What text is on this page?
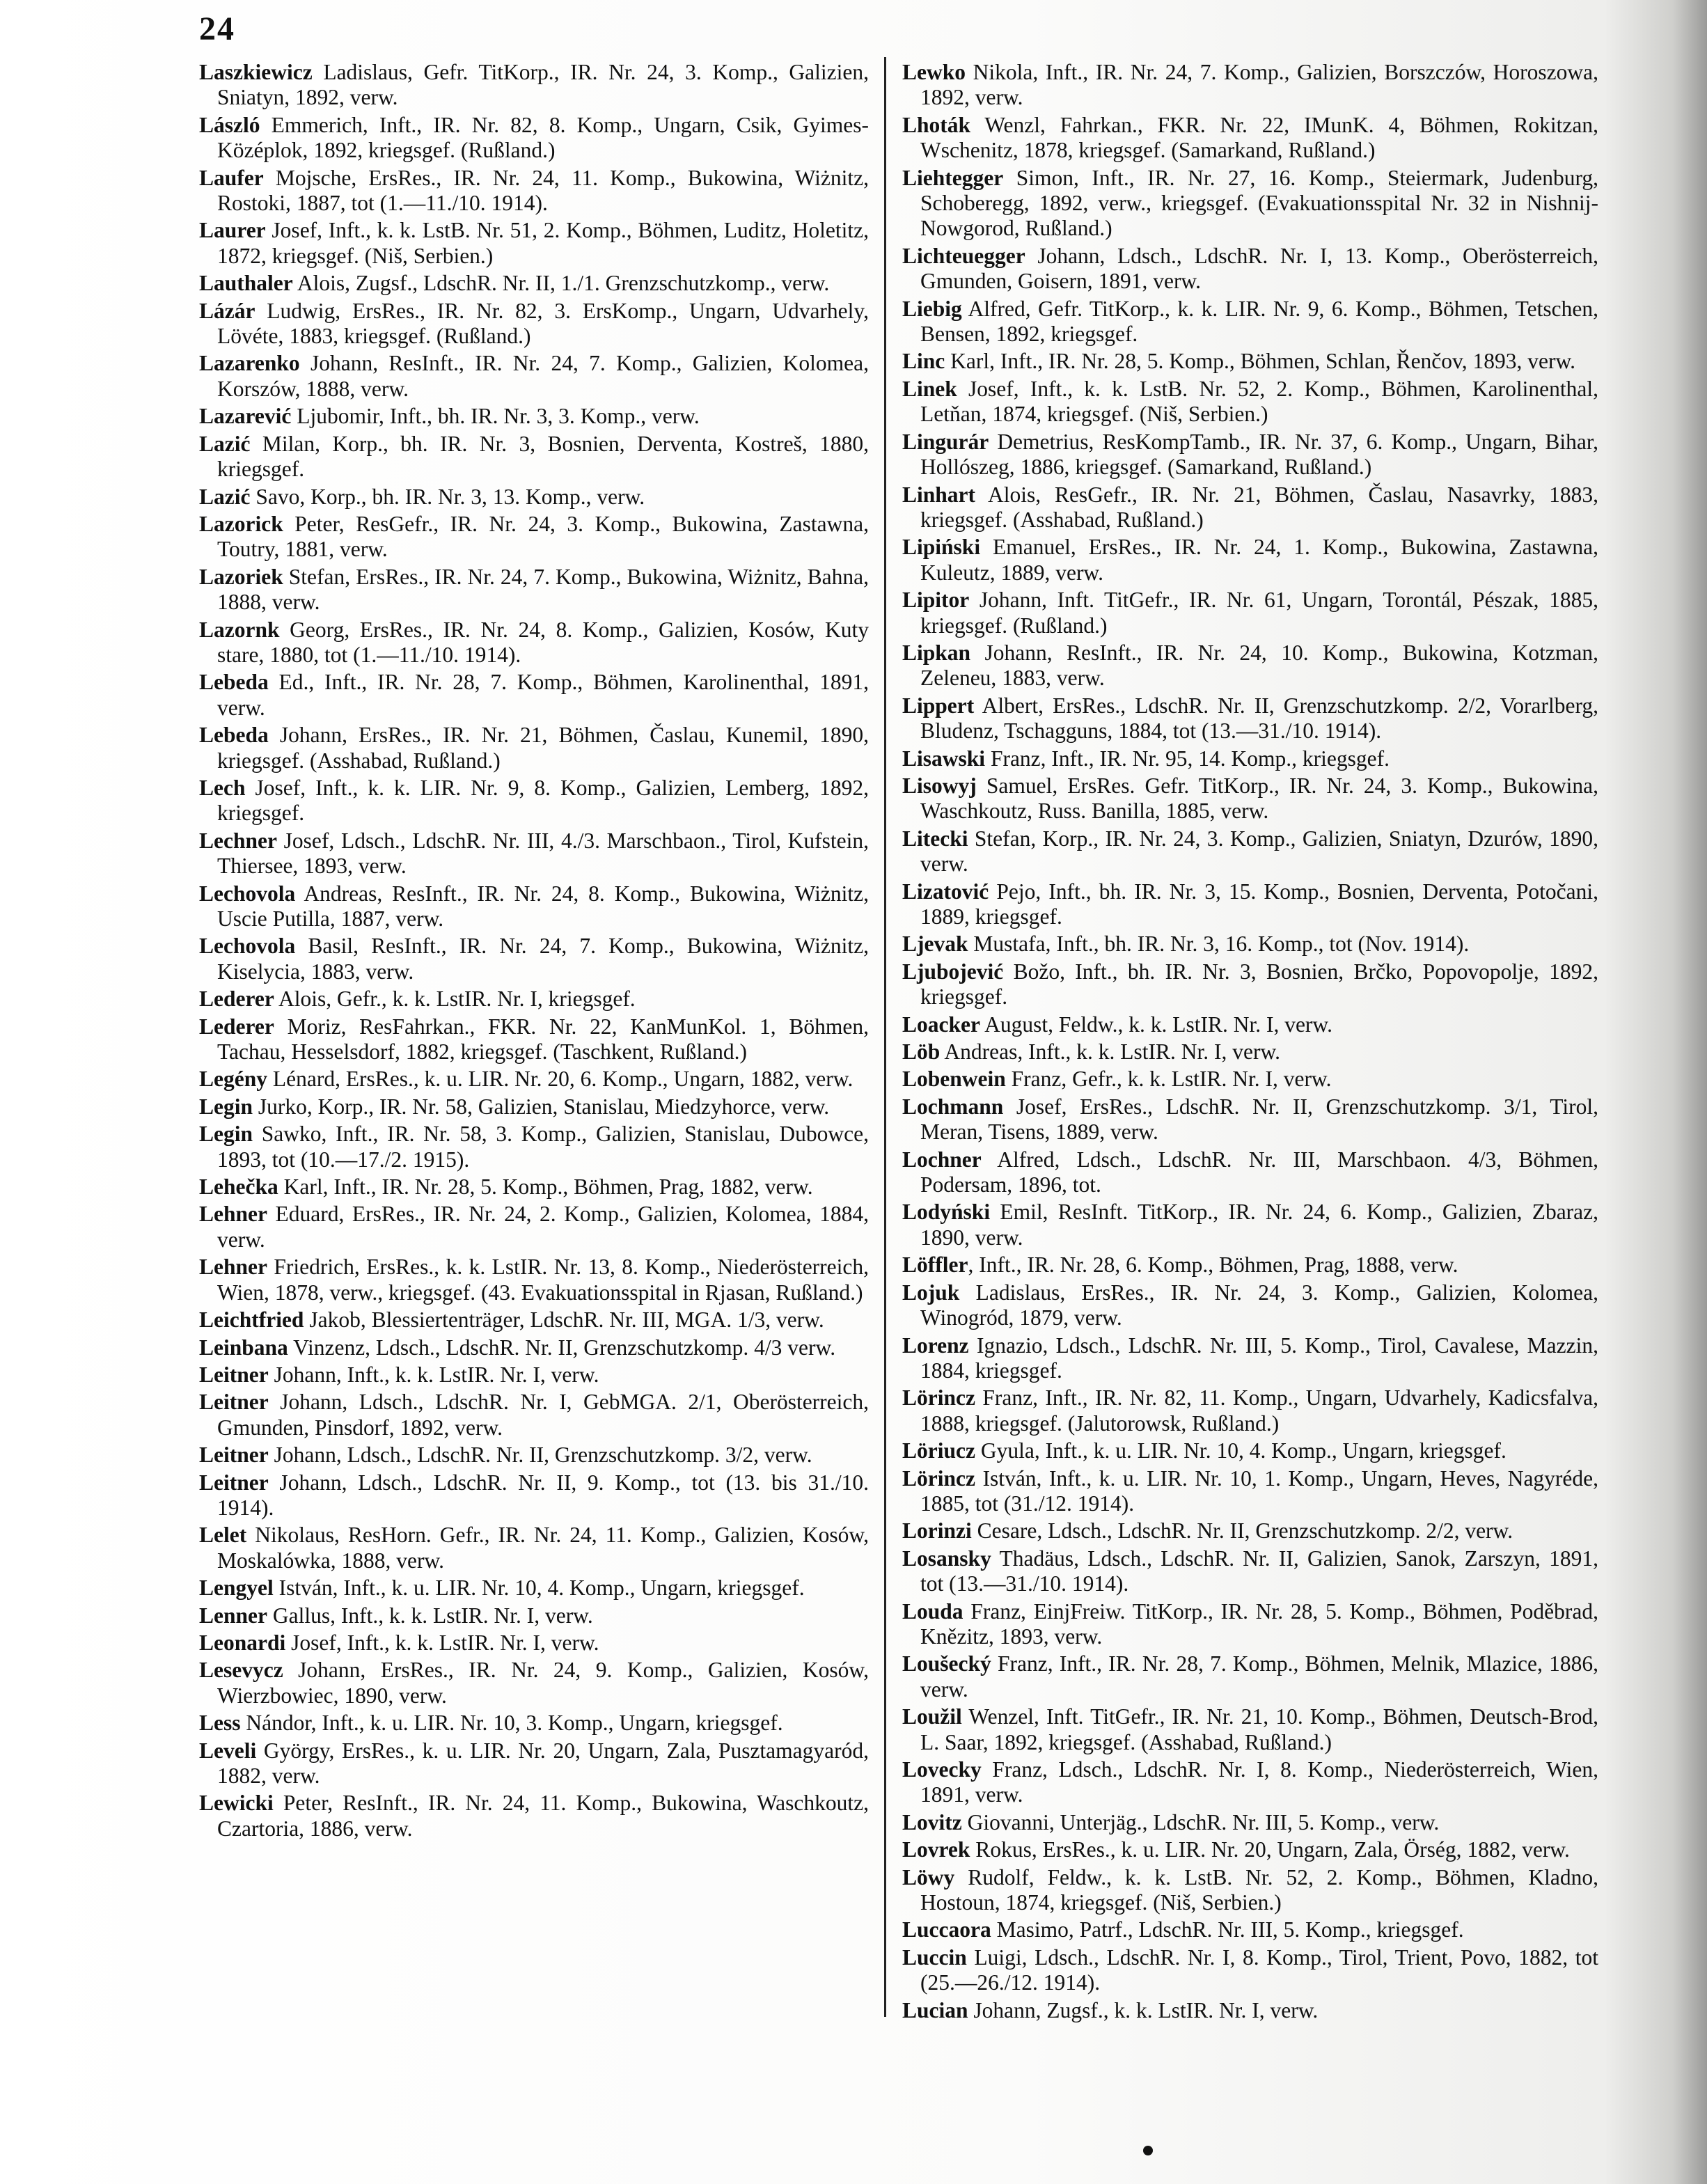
24

Laszkiewicz Ladislaus, Gefr. TitKorp., IR. Nr. 24, 3. Komp., Galizien, Sniatyn, 1892, verw.

László Emmerich, Inft., IR. Nr. 82, 8. Komp., Ungarn, Csik, Gyimes-Középlok, 1892, kriegsgef. (Rußland.)

Laufer Mojsche, ErsRes., IR. Nr. 24, 11. Komp., Bukowina, Wiżnitz, Rostoki, 1887, tot (1.—11./10. 1914).

Laurer Josef, Inft., k. k. LstB. Nr. 51, 2. Komp., Böhmen, Luditz, Holetitz, 1872, kriegsgef. (Niš, Serbien.)

Lauthaler Alois, Zugsf., LdschR. Nr. II, 1./1. Grenzschutzkomp., verw.

Lázár Ludwig, ErsRes., IR. Nr. 82, 3. ErsKomp., Ungarn, Udvarhely, Lövéte, 1883, kriegsgef. (Rußland.)

Lazarenko Johann, ResInft., IR. Nr. 24, 7. Komp., Galizien, Kolomea, Korszów, 1888, verw.

Lazarević Ljubomir, Inft., bh. IR. Nr. 3, 3. Komp., verw.

Lazić Milan, Korp., bh. IR. Nr. 3, Bosnien, Derventa, Kostreš, 1880, kriegsgef.

Lazić Savo, Korp., bh. IR. Nr. 3, 13. Komp., verw.

Lazorick Peter, ResGefr., IR. Nr. 24, 3. Komp., Bukowina, Zastawna, Toutry, 1881, verw.

Lazoriek Stefan, ErsRes., IR. Nr. 24, 7. Komp., Bukowina, Wiżnitz, Bahna, 1888, verw.

Lazornk Georg, ErsRes., IR. Nr. 24, 8. Komp., Galizien, Kosów, Kuty stare, 1880, tot (1.—11./10. 1914).

Lebeda Ed., Inft., IR. Nr. 28, 7. Komp., Böhmen, Karolinenthal, 1891, verw.

Lebeda Johann, ErsRes., IR. Nr. 21, Böhmen, Časlau, Kunemil, 1890, kriegsgef. (Asshabad, Rußland.)

Lech Josef, Inft., k. k. LIR. Nr. 9, 8. Komp., Galizien, Lemberg, 1892, kriegsgef.

Lechner Josef, Ldsch., LdschR. Nr. III, 4./3. Marschbaon., Tirol, Kufstein, Thiersee, 1893, verw.

Lechovola Andreas, ResInft., IR. Nr. 24, 8. Komp., Bukowina, Wiżnitz, Uscie Putilla, 1887, verw.

Lechovola Basil, ResInft., IR. Nr. 24, 7. Komp., Bukowina, Wiżnitz, Kiselycia, 1883, verw.

Lederer Alois, Gefr., k. k. LstIR. Nr. I, kriegsgef.

Lederer Moriz, ResFahrkan., FKR. Nr. 22, KanMunKol. 1, Böhmen, Tachau, Hesselsdorf, 1882, kriegsgef. (Taschkent, Rußland.)

Legény Lénard, ErsRes., k. u. LIR. Nr. 20, 6. Komp., Ungarn, 1882, verw.

Legin Jurko, Korp., IR. Nr. 58, Galizien, Stanislau, Miedzyhorce, verw.

Legin Sawko, Inft., IR. Nr. 58, 3. Komp., Galizien, Stanislau, Dubowce, 1893, tot (10.—17./2. 1915).

Lehečka Karl, Inft., IR. Nr. 28, 5. Komp., Böhmen, Prag, 1882, verw.

Lehner Eduard, ErsRes., IR. Nr. 24, 2. Komp., Galizien, Kolomea, 1884, verw.

Lehner Friedrich, ErsRes., k. k. LstIR. Nr. 13, 8. Komp., Niederösterreich, Wien, 1878, verw., kriegsgef. (43. Evakuationsspital in Rjasan, Rußland.)

Leichtfried Jakob, Blessiertenträger, LdschR. Nr. III, MGA. 1/3, verw.

Leinbana Vinzenz, Ldsch., LdschR. Nr. II, Grenzschutzkomp. 4/3 verw.

Leitner Johann, Inft., k. k. LstIR. Nr. I, verw.

Leitner Johann, Ldsch., LdschR. Nr. I, GebMGA. 2/1, Oberösterreich, Gmunden, Pinsdorf, 1892, verw.

Leitner Johann, Ldsch., LdschR. Nr. II, Grenzschutzkomp. 3/2, verw.

Leitner Johann, Ldsch., LdschR. Nr. II, 9. Komp., tot (13. bis 31./10. 1914).

Lelet Nikolaus, ResHorn. Gefr., IR. Nr. 24, 11. Komp., Galizien, Kosów, Moskalówka, 1888, verw.

Lengyel István, Inft., k. u. LIR. Nr. 10, 4. Komp., Ungarn, kriegsgef.

Lenner Gallus, Inft., k. k. LstIR. Nr. I, verw.

Leonardi Josef, Inft., k. k. LstIR. Nr. I, verw.

Lesevycz Johann, ErsRes., IR. Nr. 24, 9. Komp., Galizien, Kosów, Wierzbowiec, 1890, verw.

Less Nándor, Inft., k. u. LIR. Nr. 10, 3. Komp., Ungarn, kriegsgef.

Leveli György, ErsRes., k. u. LIR. Nr. 20, Ungarn, Zala, Pusztamagyaród, 1882, verw.

Lewicki Peter, ResInft., IR. Nr. 24, 11. Komp., Bukowina, Waschkoutz, Czartoria, 1886, verw.

Lewko Nikola, Inft., IR. Nr. 24, 7. Komp., Galizien, Borszczów, Horoszowa, 1892, verw.

Lhoták Wenzl, Fahrkan., FKR. Nr. 22, IMunK. 4, Böhmen, Rokitzan, Wschenitz, 1878, kriegsgef. (Samarkand, Rußland.)

Liehtegger Simon, Inft., IR. Nr. 27, 16. Komp., Steiermark, Judenburg, Schoberegg, 1892, verw., kriegsgef. (Evakuationsspital Nr. 32 in Nishnij-Nowgorod, Rußland.)

Lichteuegger Johann, Ldsch., LdschR. Nr. I, 13. Komp., Oberösterreich, Gmunden, Goisern, 1891, verw.

Liebig Alfred, Gefr. TitKorp., k. k. LIR. Nr. 9, 6. Komp., Böhmen, Tetschen, Bensen, 1892, kriegsgef.

Linc Karl, Inft., IR. Nr. 28, 5. Komp., Böhmen, Schlan, Řenčov, 1893, verw.

Linek Josef, Inft., k. k. LstB. Nr. 52, 2. Komp., Böhmen, Karolinenthal, Letňan, 1874, kriegsgef. (Niš, Serbien.)

Lingurár Demetrius, ResKompTamb., IR. Nr. 37, 6. Komp., Ungarn, Bihar, Hollószeg, 1886, kriegsgef. (Samarkand, Rußland.)

Linhart Alois, ResGefr., IR. Nr. 21, Böhmen, Časlau, Nasavrky, 1883, kriegsgef. (Asshabad, Rußland.)

Lipiński Emanuel, ErsRes., IR. Nr. 24, 1. Komp., Bukowina, Zastawna, Kuleutz, 1889, verw.

Lipitor Johann, Inft. TitGefr., IR. Nr. 61, Ungarn, Torontál, Pészak, 1885, kriegsgef. (Rußland.)

Lipkan Johann, ResInft., IR. Nr. 24, 10. Komp., Bukowina, Kotzman, Zeleneu, 1883, verw.

Lippert Albert, ErsRes., LdschR. Nr. II, Grenzschutzkomp. 2/2, Vorarlberg, Bludenz, Tschagguns, 1884, tot (13.—31./10. 1914).

Lisawski Franz, Inft., IR. Nr. 95, 14. Komp., kriegsgef.

Lisowyj Samuel, ErsRes. Gefr. TitKorp., IR. Nr. 24, 3. Komp., Bukowina, Waschkoutz, Russ. Banilla, 1885, verw.

Litecki Stefan, Korp., IR. Nr. 24, 3. Komp., Galizien, Sniatyn, Dzurów, 1890, verw.

Lizatović Pejo, Inft., bh. IR. Nr. 3, 15. Komp., Bosnien, Derventa, Potočani, 1889, kriegsgef.

Ljevak Mustafa, Inft., bh. IR. Nr. 3, 16. Komp., tot (Nov. 1914).

Ljubojević Božo, Inft., bh. IR. Nr. 3, Bosnien, Brčko, Popovopolje, 1892, kriegsgef.

Loacker August, Feldw., k. k. LstIR. Nr. I, verw.

Löb Andreas, Inft., k. k. LstIR. Nr. I, verw.

Lobenwein Franz, Gefr., k. k. LstIR. Nr. I, verw.

Lochmann Josef, ErsRes., LdschR. Nr. II, Grenzschutzkomp. 3/1, Tirol, Meran, Tisens, 1889, verw.

Lochner Alfred, Ldsch., LdschR. Nr. III, Marschbaon. 4/3, Böhmen, Podersam, 1896, tot.

Lodyński Emil, ResInft. TitKorp., IR. Nr. 24, 6. Komp., Galizien, Zbaraz, 1890, verw.

Löffler, Inft., IR. Nr. 28, 6. Komp., Böhmen, Prag, 1888, verw.

Lojuk Ladislaus, ErsRes., IR. Nr. 24, 3. Komp., Galizien, Kolomea, Winogród, 1879, verw.

Lorenz Ignazio, Ldsch., LdschR. Nr. III, 5. Komp., Tirol, Cavalese, Mazzin, 1884, kriegsgef.

Lörincz Franz, Inft., IR. Nr. 82, 11. Komp., Ungarn, Udvarhely, Kadicsfalva, 1888, kriegsgef. (Jalutorowsk, Rußland.)

Löriucz Gyula, Inft., k. u. LIR. Nr. 10, 4. Komp., Ungarn, kriegsgef.

Lörincz István, Inft., k. u. LIR. Nr. 10, 1. Komp., Ungarn, Heves, Nagyréde, 1885, tot (31./12. 1914).

Lorinzi Cesare, Ldsch., LdschR. Nr. II, Grenzschutzkomp. 2/2, verw.

Losansky Thadäus, Ldsch., LdschR. Nr. II, Galizien, Sanok, Zarszyn, 1891, tot (13.—31./10. 1914).

Louda Franz, EinjFreiw. TitKorp., IR. Nr. 28, 5. Komp., Böhmen, Poděbrad, Knězitz, 1893, verw.

Loušecký Franz, Inft., IR. Nr. 28, 7. Komp., Böhmen, Melnik, Mlazice, 1886, verw.

Loužil Wenzel, Inft. TitGefr., IR. Nr. 21, 10. Komp., Böhmen, Deutsch-Brod, L. Saar, 1892, kriegsgef. (Asshabad, Rußland.)

Lovecky Franz, Ldsch., LdschR. Nr. I, 8. Komp., Niederösterreich, Wien, 1891, verw.

Lovitz Giovanni, Unterjäg., LdschR. Nr. III, 5. Komp., verw.

Lovrek Rokus, ErsRes., k. u. LIR. Nr. 20, Ungarn, Zala, Örség, 1882, verw.

Löwy Rudolf, Feldw., k. k. LstB. Nr. 52, 2. Komp., Böhmen, Kladno, Hostoun, 1874, kriegsgef. (Niš, Serbien.)

Luccaora Masimo, Patrf., LdschR. Nr. III, 5. Komp., kriegsgef.

Luccin Luigi, Ldsch., LdschR. Nr. I, 8. Komp., Tirol, Trient, Povo, 1882, tot (25.—26./12. 1914).

Lucian Johann, Zugsf., k. k. LstIR. Nr. I, verw.
